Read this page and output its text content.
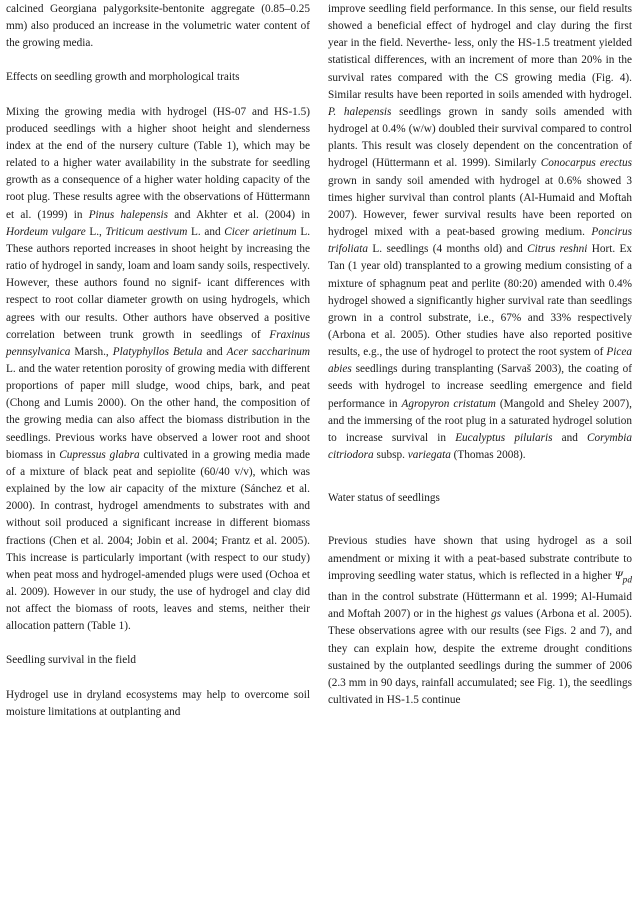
calcined Georgiana palygorksite-bentonite aggregate (0.85–0.25 mm) also produced an increase in the volumetric water content of the growing media.

Effects on seedling growth and morphological traits

Mixing the growing media with hydrogel (HS-07 and HS-1.5) produced seedlings with a higher shoot height and slenderness index at the end of the nursery culture (Table 1), which may be related to a higher water availability in the substrate for seedling growth as a consequence of a higher water holding capacity of the root plug. These results agree with the observations of Hüttermann et al. (1999) in Pinus halepensis and Akhter et al. (2004) in Hordeum vulgare L., Triticum aestivum L. and Cicer arietinum L. These authors reported increases in shoot height by increasing the ratio of hydrogel in sandy, loam and loam sandy soils, respectively. However, these authors found no signif- icant differences with respect to root collar diameter growth on using hydrogels, which agrees with our results. Other authors have observed a positive correlation between trunk growth in seedlings of Fraxinus pennsylvanica Marsh., Platyphyllos Betula and Acer saccharinum L. and the water retention porosity of growing media with different proportions of paper mill sludge, wood chips, bark, and peat (Chong and Lumis 2000). On the other hand, the composition of the growing media can also affect the biomass distribution in the seedlings. Previous works have observed a lower root and shoot biomass in Cupressus glabra cultivated in a growing media made of a mixture of black peat and sepiolite (60/40 v/v), which was explained by the low air capacity of the mixture (Sánchez et al. 2000). In contrast, hydrogel amendments to substrates with and without soil produced a significant increase in different biomass fractions (Chen et al. 2004; Jobin et al. 2004; Frantz et al. 2005). This increase is particularly important (with respect to our study) when peat moss and hydrogel-amended plugs were used (Ochoa et al. 2009). However in our study, the use of hydrogel and clay did not affect the biomass of roots, leaves and stems, neither their allocation pattern (Table 1).

Seedling survival in the field

Hydrogel use in dryland ecosystems may help to overcome soil moisture limitations at outplanting and

improve seedling field performance. In this sense, our field results showed a beneficial effect of hydrogel and clay during the first year in the field. Neverthe- less, only the HS-1.5 treatment yielded statistical differences, with an increment of more than 20% in the survival rates compared with the CS growing media (Fig. 4). Similar results have been reported in soils amended with hydrogel. P. halepensis seedlings grown in sandy soils amended with hydrogel at 0.4% (w/w) doubled their survival compared to control plants. This result was closely dependent on the concentration of hydrogel (Hüttermann et al. 1999). Similarly Conocarpus erectus grown in sandy soil amended with hydrogel at 0.6% showed 3 times higher survival than control plants (Al-Humaid and Moftah 2007). However, fewer survival results have been reported on hydrogel mixed with a peat-based growing medium. Poncirus trifoliata L. seedlings (4 months old) and Citrus reshni Hort. Ex Tan (1 year old) transplanted to a growing medium consisting of a mixture of sphagnum peat and perlite (80:20) amended with 0.4% hydrogel showed a significantly higher survival rate than seedlings grown in a control substrate, i.e., 67% and 33% respectively (Arbona et al. 2005). Other studies have also reported positive results, e.g., the use of hydrogel to protect the root system of Picea abies seedlings during transplanting (Sarvaš 2003), the coating of seeds with hydrogel to increase seedling emergence and field performance in Agropyron cristatum (Mangold and Sheley 2007), and the immersing of the root plug in a saturated hydrogel solution to increase survival in Eucalyptus pilularis and Corymbia citriodora subsp. variegata (Thomas 2008).

Water status of seedlings

Previous studies have shown that using hydrogel as a soil amendment or mixing it with a peat-based substrate contribute to improving seedling water status, which is reflected in a higher $\Psi_{pd}$ than in the control substrate (Hüttermann et al. 1999; Al-Humaid and Moftah 2007) or in the highest gs values (Arbona et al. 2005). These observations agree with our results (see Figs. 2 and 7), and they can explain how, despite the extreme drought conditions sustained by the outplanted seedlings during the summer of 2006 (2.3 mm in 90 days, rainfall accumulated; see Fig. 1), the seedlings cultivated in HS-1.5 continue
